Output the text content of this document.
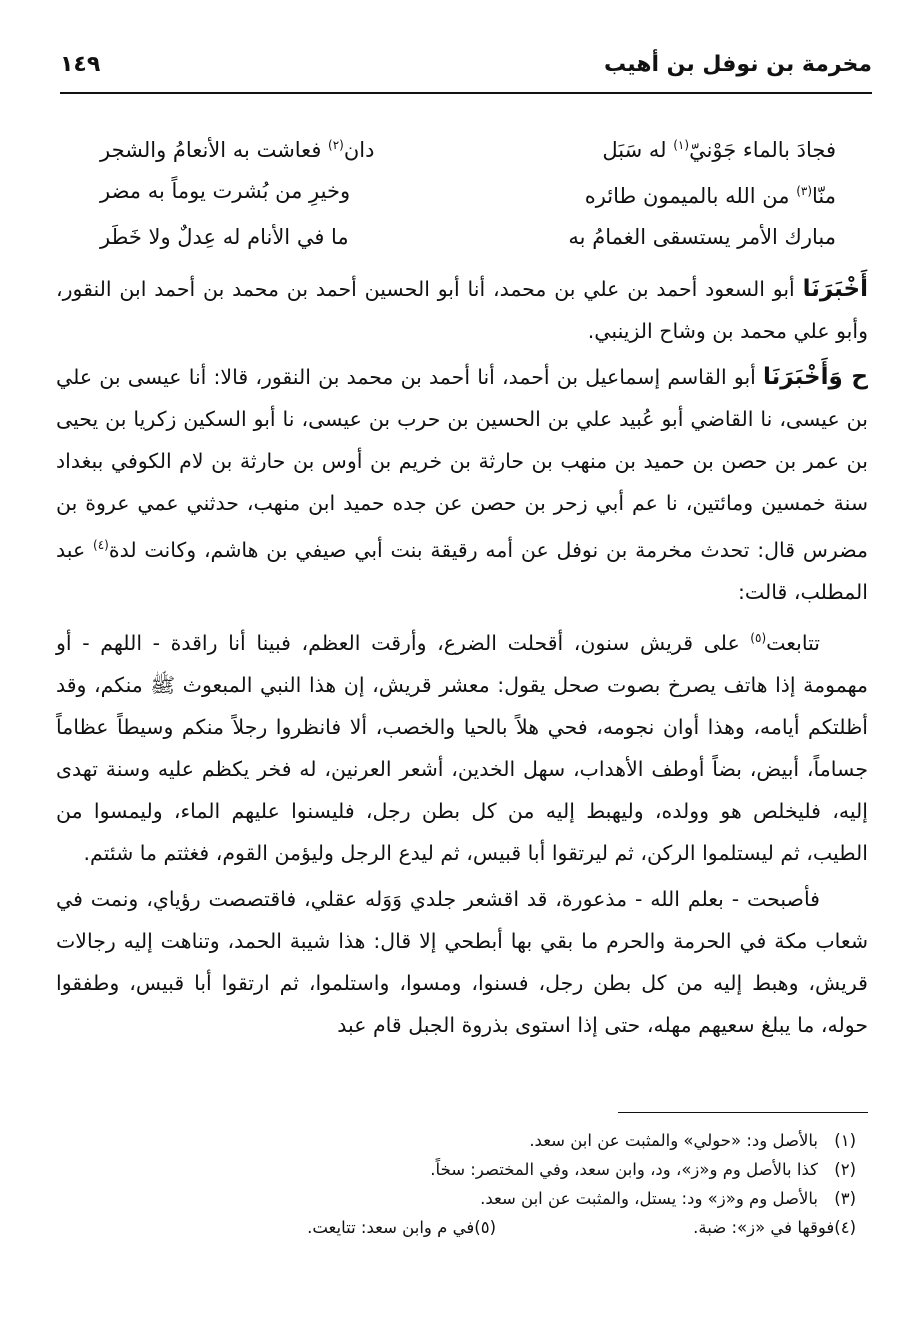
مخرمة بن نوفل بن أهيب
١٤٩
فجادَ بالماء جَوْنيّ$^{(١)}$ له سَبَل
دان$^{(٢)}$ فعاشت به الأنعامُ والشجر
منّا$^{(٣)}$ من الله بالميمون طائره
وخيرِ من بُشرت يوماً به مضر
مبارك الأمر يستسقى الغمامُ به
ما في الأنام له عِدلٌ ولا خَطَر

أَخْبَرَنَا أبو السعود أحمد بن علي بن محمد، أنا أبو الحسين أحمد بن محمد بن أحمد ابن النقور، وأبو علي محمد بن وشاح الزينبي.

ح وَأَخْبَرَنَا أبو القاسم إسماعيل بن أحمد، أنا أحمد بن محمد بن النقور، قالا: أنا عيسى بن علي بن عيسى، نا القاضي أبو عُبيد علي بن الحسين بن حرب بن عيسى، نا أبو السكين زكريا بن يحيى بن عمر بن حصن بن حميد بن منهب بن حارثة بن خريم بن أوس بن حارثة بن لام الكوفي ببغداد سنة خمسين ومائتين، نا عم أبي زحر بن حصن عن جده حميد ابن منهب، حدثني عمي عروة بن مضرس قال: تحدث مخرمة بن نوفل عن أمه رقيقة بنت أبي صيفي بن هاشم، وكانت لدة$^{(٤)}$ عبد المطلب، قالت:

تتابعت$^{(٥)}$ على قريش سنون، أقحلت الضرع، وأرقت العظم، فبينا أنا راقدة - اللهم - أو مهمومة إذا هاتف يصرخ بصوت صحل يقول: معشر قريش، إن هذا النبي المبعوث ﷺ منكم، وقد أظلتكم أيامه، وهذا أوان نجومه، فحي هلاً بالحيا والخصب، ألا فانظروا رجلاً منكم وسيطاً عظاماً جساماً، أبيض، بضاً أوطف الأهداب، سهل الخدين، أشعر العرنين، له فخر يكظم عليه وسنة تهدى إليه، فليخلص هو وولده، وليهبط إليه من كل بطن رجل، فليسنوا عليهم الماء، وليمسوا من الطيب، ثم ليستلموا الركن، ثم ليرتقوا أبا قبيس، ثم ليدع الرجل وليؤمن القوم، فغثتم ما شئتم.

فأصبحت - بعلم الله - مذعورة، قد اقشعر جلدي وَوَله عقلي، فاقتصصت رؤياي، ونمت في شعاب مكة في الحرمة والحرم ما بقي بها أبطحي إلا قال: هذا شيبة الحمد، وتناهت إليه رجالات قريش، وهبط إليه من كل بطن رجل، فسنوا، ومسوا، واستلموا، ثم ارتقوا أبا قبيس، وطفقوا حوله، ما يبلغ سعيهم مهله، حتى إذا استوى بذروة الجبل قام عبد

(١)بالأصل ود: «حولي» والمثبت عن ابن سعد.
(٢)كذا بالأصل وم و«ز»، ود، وابن سعد، وفي المختصر: سخاً.
(٣)بالأصل وم و«ز» ود: يستل، والمثبت عن ابن سعد.
(٤)فوقها في «ز»: ضبة.
(٥)في م وابن سعد: تتايعت.
